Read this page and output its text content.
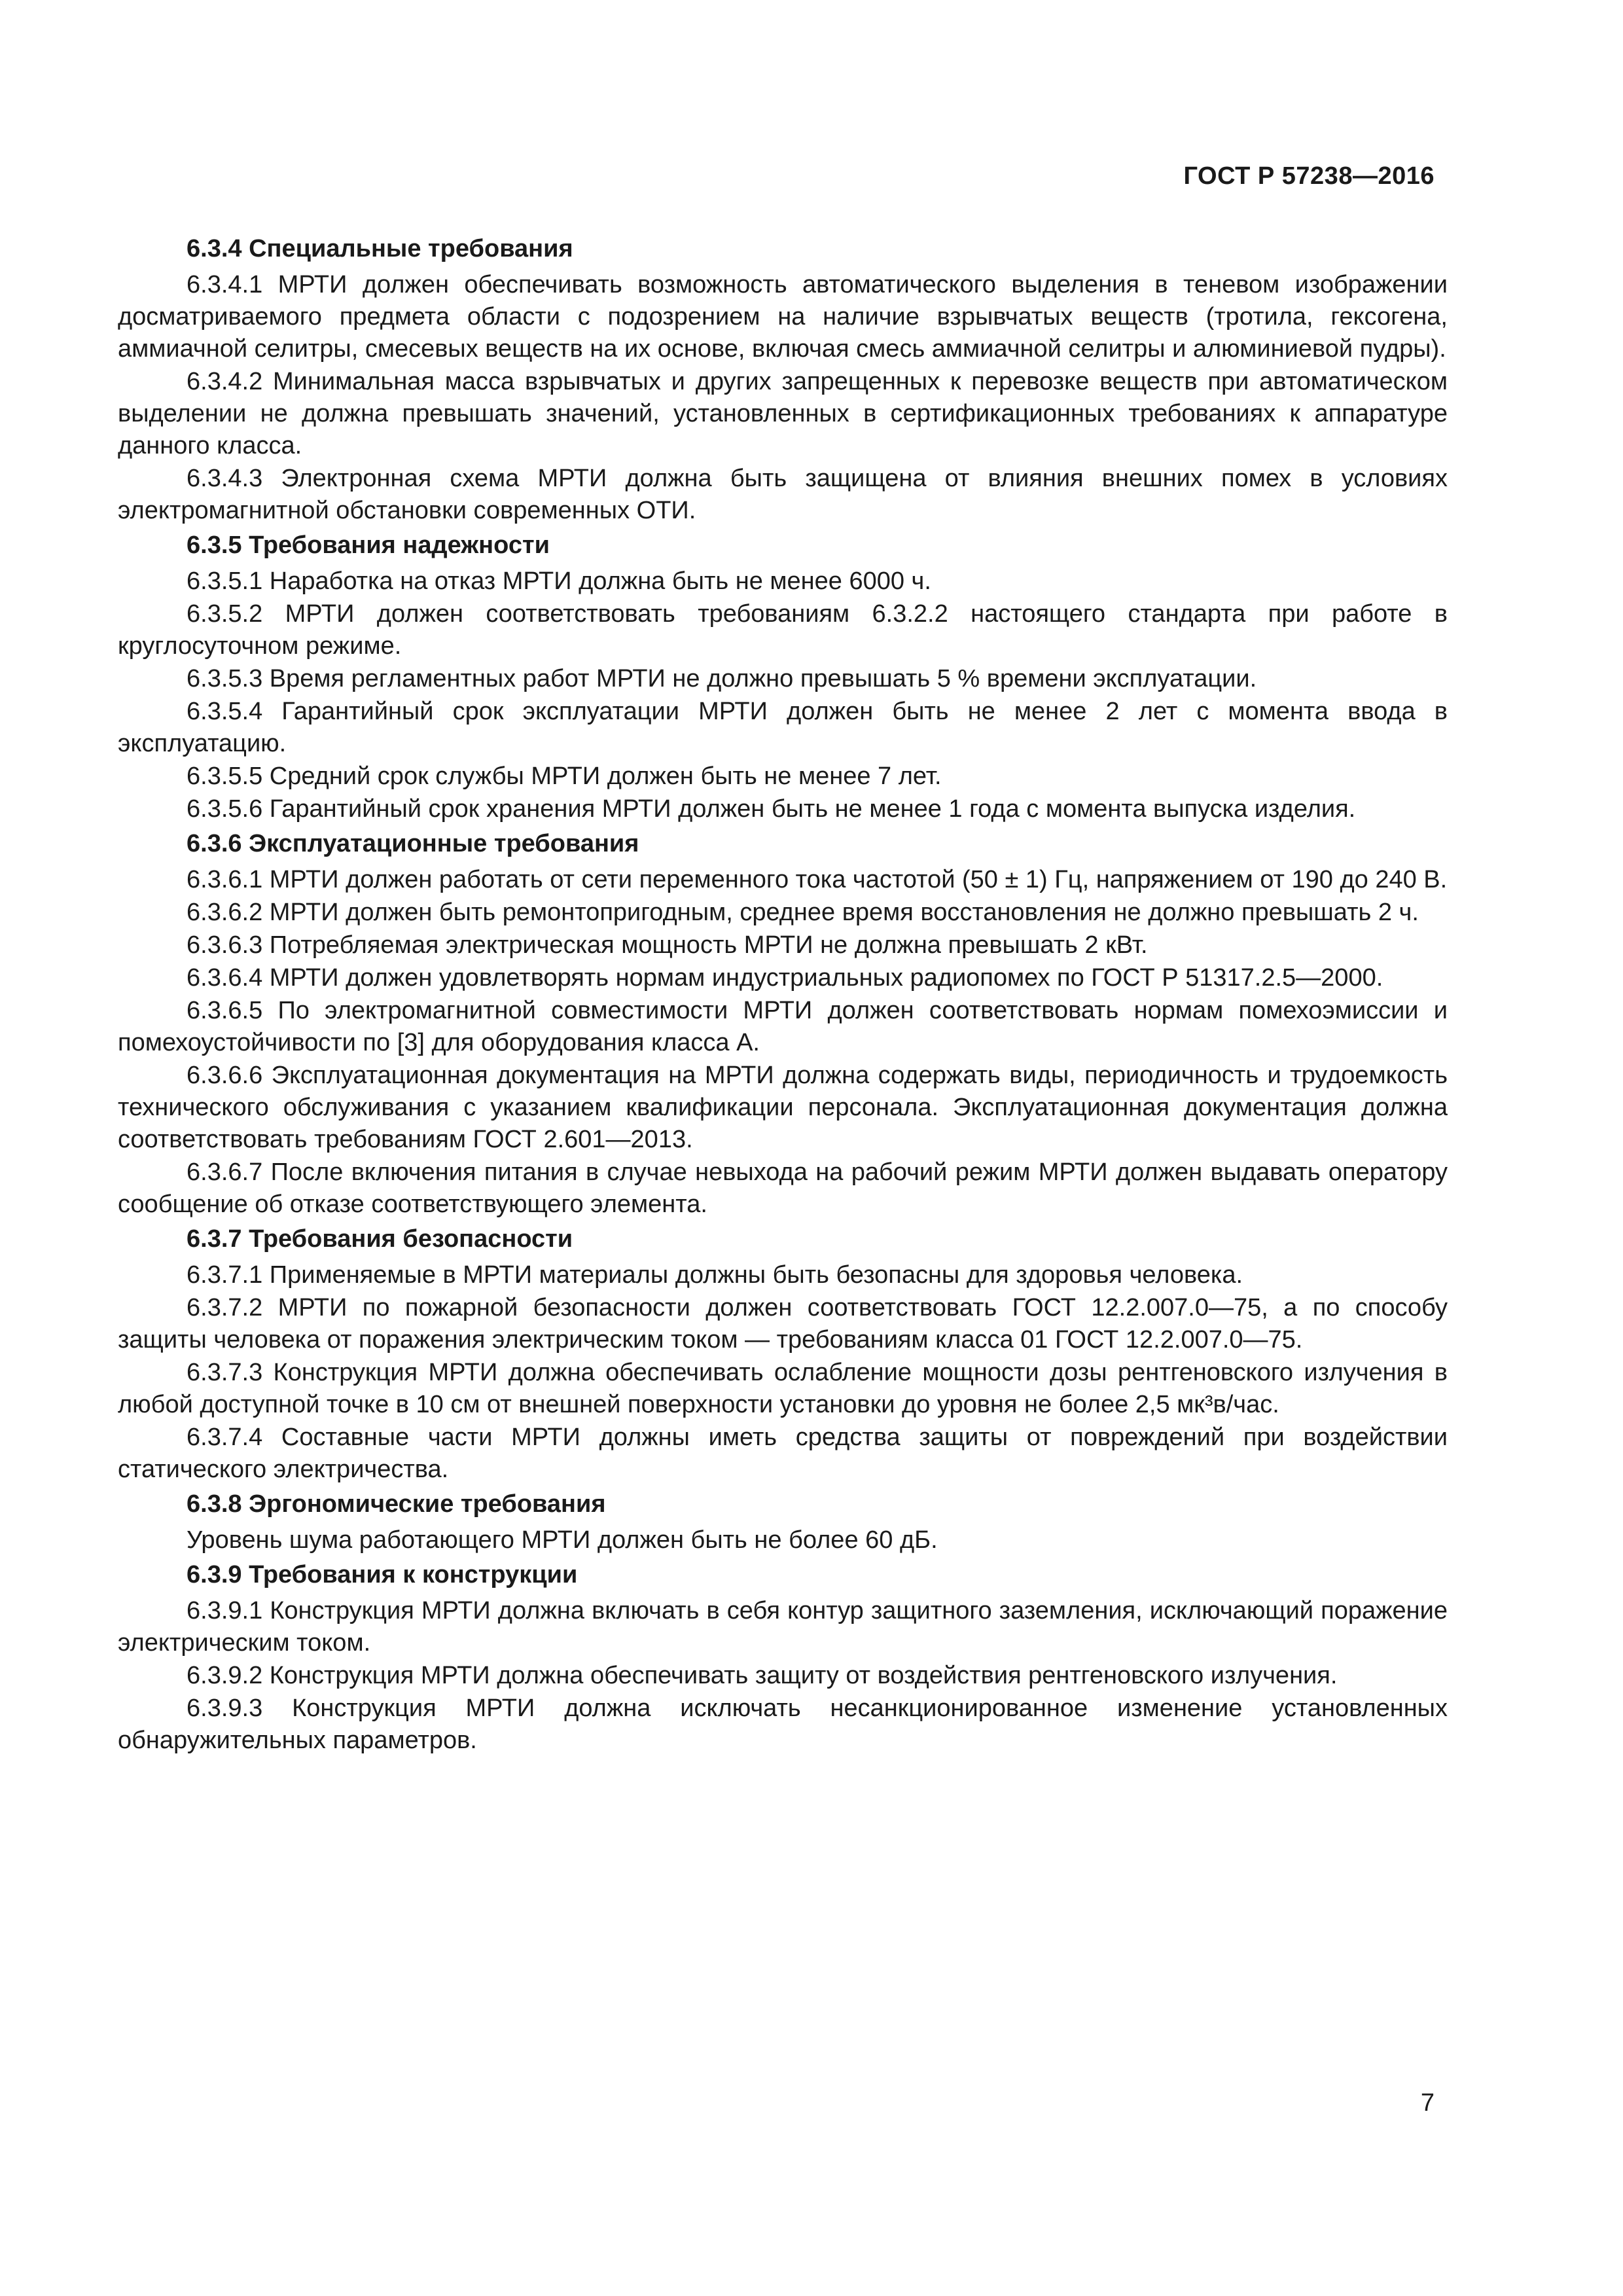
ГОСТ Р 57238—2016
6.3.4 Специальные требования

6.3.4.1 МРТИ должен обеспечивать возможность автоматического выделения в теневом изображении досматриваемого предмета области с подозрением на наличие взрывчатых веществ (тротила, гексогена, аммиачной селитры, смесевых веществ на их основе, включая смесь аммиачной селитры и алюминиевой пудры).

6.3.4.2 Минимальная масса взрывчатых и других запрещенных к перевозке веществ при автоматическом выделении не должна превышать значений, установленных в сертификационных требованиях к аппаратуре данного класса.

6.3.4.3 Электронная схема МРТИ должна быть защищена от влияния внешних помех в условиях электромагнитной обстановки современных ОТИ.

6.3.5 Требования надежности

6.3.5.1 Наработка на отказ МРТИ должна быть не менее 6000 ч.

6.3.5.2 МРТИ должен соответствовать требованиям 6.3.2.2 настоящего стандарта при работе в круглосуточном режиме.

6.3.5.3 Время регламентных работ МРТИ не должно превышать 5 % времени эксплуатации.

6.3.5.4 Гарантийный срок эксплуатации МРТИ должен быть не менее 2 лет с момента ввода в эксплуатацию.

6.3.5.5 Средний срок службы МРТИ должен быть не менее 7 лет.

6.3.5.6 Гарантийный срок хранения МРТИ должен быть не менее 1 года с момента выпуска изделия.

6.3.6 Эксплуатационные требования

6.3.6.1 МРТИ должен работать от сети переменного тока частотой (50 ± 1) Гц, напряжением от 190 до 240 В.

6.3.6.2 МРТИ должен быть ремонтопригодным, среднее время восстановления не должно превышать 2 ч.

6.3.6.3 Потребляемая электрическая мощность МРТИ не должна превышать 2 кВт.

6.3.6.4 МРТИ должен удовлетворять нормам индустриальных радиопомех по ГОСТ Р 51317.2.5—2000.

6.3.6.5 По электромагнитной совместимости МРТИ должен соответствовать нормам помехоэмиссии и помехоустойчивости по [3] для оборудования класса А.

6.3.6.6 Эксплуатационная документация на МРТИ должна содержать виды, периодичность и трудоемкость технического обслуживания с указанием квалификации персонала. Эксплуатационная документация должна соответствовать требованиям ГОСТ 2.601—2013.

6.3.6.7 После включения питания в случае невыхода на рабочий режим МРТИ должен выдавать оператору сообщение об отказе соответствующего элемента.

6.3.7 Требования безопасности

6.3.7.1 Применяемые в МРТИ материалы должны быть безопасны для здоровья человека.

6.3.7.2 МРТИ по пожарной безопасности должен соответствовать ГОСТ 12.2.007.0—75, а по способу защиты человека от поражения электрическим током — требованиям класса 01 ГОСТ 12.2.007.0—75.

6.3.7.3 Конструкция МРТИ должна обеспечивать ослабление мощности дозы рентгеновского излучения в любой доступной точке в 10 см от внешней поверхности установки до уровня не более 2,5 мк³в/час.

6.3.7.4 Составные части МРТИ должны иметь средства защиты от повреждений при воздействии статического электричества.

6.3.8 Эргономические требования

Уровень шума работающего МРТИ должен быть не более 60 дБ.

6.3.9 Требования к конструкции

6.3.9.1 Конструкция МРТИ должна включать в себя контур защитного заземления, исключающий поражение электрическим током.

6.3.9.2 Конструкция МРТИ должна обеспечивать защиту от воздействия рентгеновского излучения.

6.3.9.3 Конструкция МРТИ должна исключать несанкционированное изменение установленных обнаружительных параметров.

7
